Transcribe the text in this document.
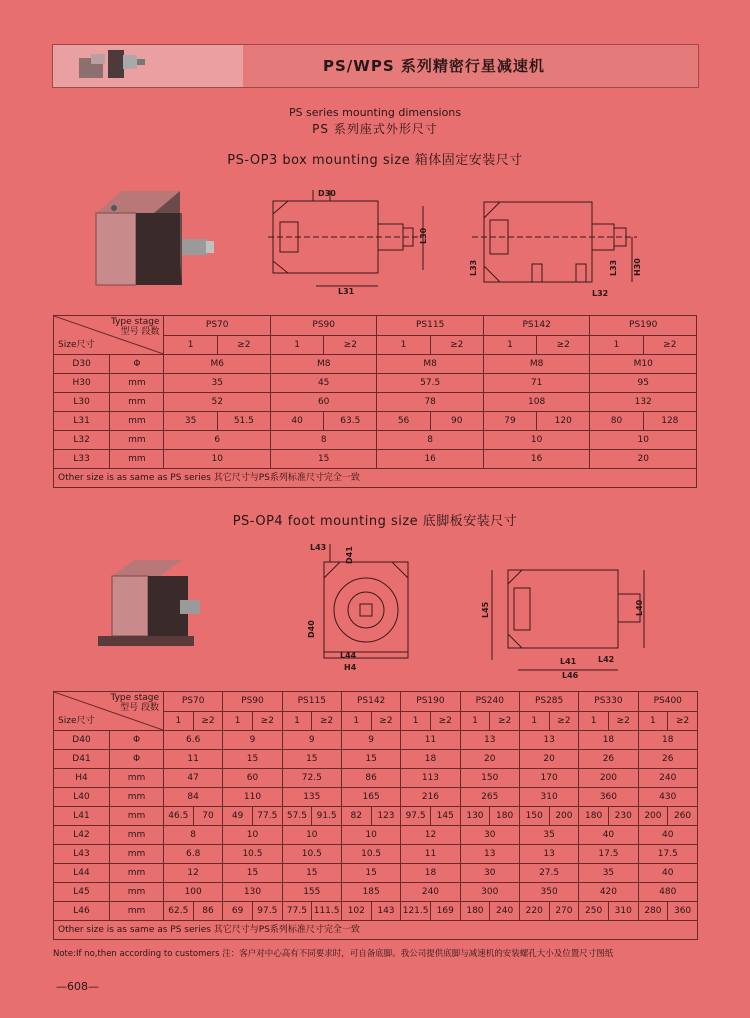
PS/WPS 系列精密行星减速机
PS series mounting dimensions
PS 系列座式外形尺寸
PS-OP3 box mounting size 箱体固定安装尺寸
D30
L30
L31
L33	H30
L33
L32
Type stage
型号 段数
Size尺寸		PS70		PS90		PS115		PS142		PS190	
		1	≥2	1	≥2	1	≥2	1	≥2	1	≥2
D30	Φ	M6		M8		M8		M8		M10	
H30	mm	35		45		57.5		71		95	
L30	mm	52		60		78		108		132	
L31	mm	35	51.5	40	63.5	56	90	79	120	80	128
L32	mm	6		8		8		10		10	
L33	mm	10		15		16		16		20	
Other size is as same as PS series 其它尺寸与PS系列标准尺寸完全一致											
PS-OP4 foot mounting size 底脚板安装尺寸
L43 D41
D40
L44
H4
L45	L40
L41	L42
L46
Type stage
型号 段数
Size尺寸		PS70		PS90		PS115		PS142		PS190		PS240		PS285		PS330		PS400	
		1	≥2	1	≥2	1	≥2	1	≥2	1	≥2	1	≥2	1	≥2	1	≥2	1	≥2
D40	Φ	6.6		9		9		9		11		13		13		18		18	
D41	Φ	11		15		15		15		18		20		20		26		26	
H4	mm	47		60		72.5		86		113		150		170		200		240	
L40	mm	84		110		135		165		216		265		310		360		430	
L41	mm	46.5	70	49	77.5	57.5	91.5	82	123	97.5	145	130	180	150	200	180	230	200	260
L42	mm	8		10		10		10		12		30		35		40		40	
L43	mm	6.8		10.5		10.5		10.5		11		13		13		17.5		17.5	
L44	mm	12		15		15		15		18		30		27.5		35		40	
L45	mm	100		130		155		185		240		300		350		420		480	
L46	mm	62.5	86	69	97.5	77.5	111.5	102	143	121.5	169	180	240	220	270	250	310	280	360
Other size is as same as PS series 其它尺寸与PS系列标准尺寸完全一致																			
Note:If no,then according to customers 注：客户对中心高有不同要求时，可自备底脚。我公司提供底脚与减速机的安装螺孔大小及位置尺寸图纸
—608—
